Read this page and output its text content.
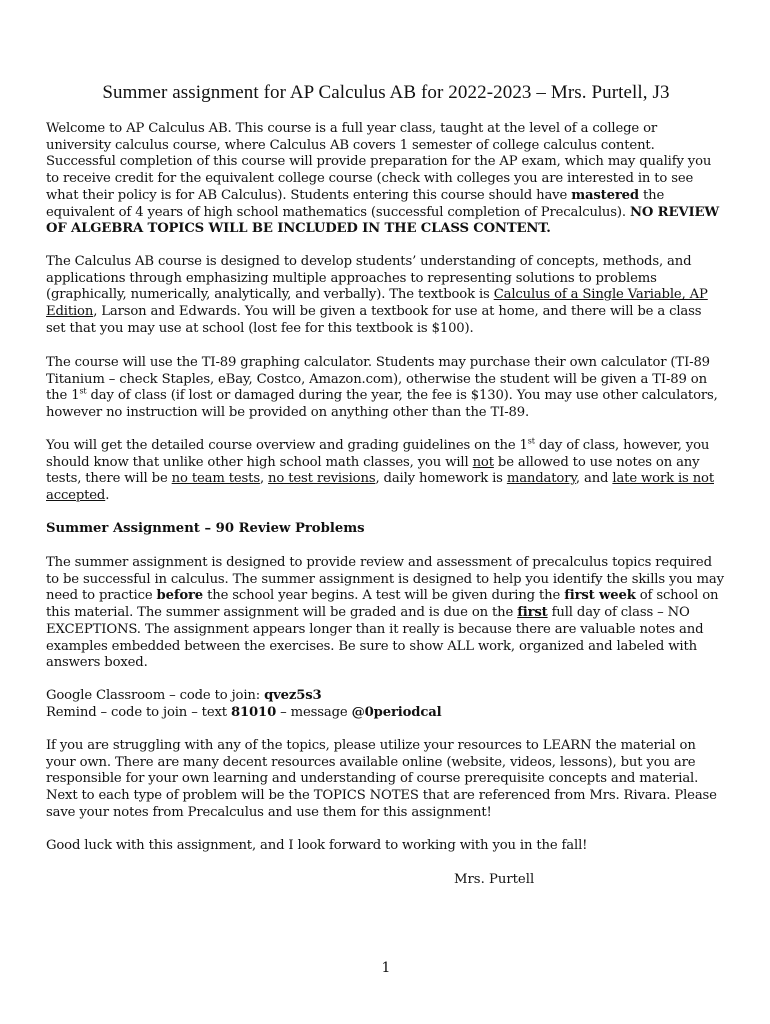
Summer assignment for AP Calculus AB for 2022-2023 – Mrs. Purtell, J3
Welcome to AP Calculus AB. This course is a full year class, taught at the level of a college or university calculus course, where Calculus AB covers 1 semester of college calculus content. Successful completion of this course will provide preparation for the AP exam, which may qualify you to receive credit for the equivalent college course (check with colleges you are interested in to see what their policy is for AB Calculus). Students entering this course should have mastered the equivalent of 4 years of high school mathematics (successful completion of Precalculus). NO REVIEW OF ALGEBRA TOPICS WILL BE INCLUDED IN THE CLASS CONTENT.
The Calculus AB course is designed to develop students’ understanding of concepts, methods, and applications through emphasizing multiple approaches to representing solutions to problems (graphically, numerically, analytically, and verbally). The textbook is Calculus of a Single Variable, AP Edition, Larson and Edwards. You will be given a textbook for use at home, and there will be a class set that you may use at school (lost fee for this textbook is $100).
The course will use the TI-89 graphing calculator. Students may purchase their own calculator (TI-89 Titanium – check Staples, eBay, Costco, Amazon.com), otherwise the student will be given a TI-89 on the 1st day of class (if lost or damaged during the year, the fee is $130). You may use other calculators, however no instruction will be provided on anything other than the TI-89.
You will get the detailed course overview and grading guidelines on the 1st day of class, however, you should know that unlike other high school math classes, you will not be allowed to use notes on any tests, there will be no team tests, no test revisions, daily homework is mandatory, and late work is not accepted.
Summer Assignment – 90 Review Problems
The summer assignment is designed to provide review and assessment of precalculus topics required to be successful in calculus. The summer assignment is designed to help you identify the skills you may need to practice before the school year begins. A test will be given during the first week of school on this material. The summer assignment will be graded and is due on the first full day of class – NO EXCEPTIONS. The assignment appears longer than it really is because there are valuable notes and examples embedded between the exercises. Be sure to show ALL work, organized and labeled with answers boxed.
Google Classroom – code to join: qvez5s3
Remind – code to join – text 81010 – message @0periodcal
If you are struggling with any of the topics, please utilize your resources to LEARN the material on your own. There are many decent resources available online (website, videos, lessons), but you are responsible for your own learning and understanding of course prerequisite concepts and material. Next to each type of problem will be the TOPICS NOTES that are referenced from Mrs. Rivara. Please save your notes from Precalculus and use them for this assignment!
Good luck with this assignment, and I look forward to working with you in the fall!
Mrs. Purtell
1
